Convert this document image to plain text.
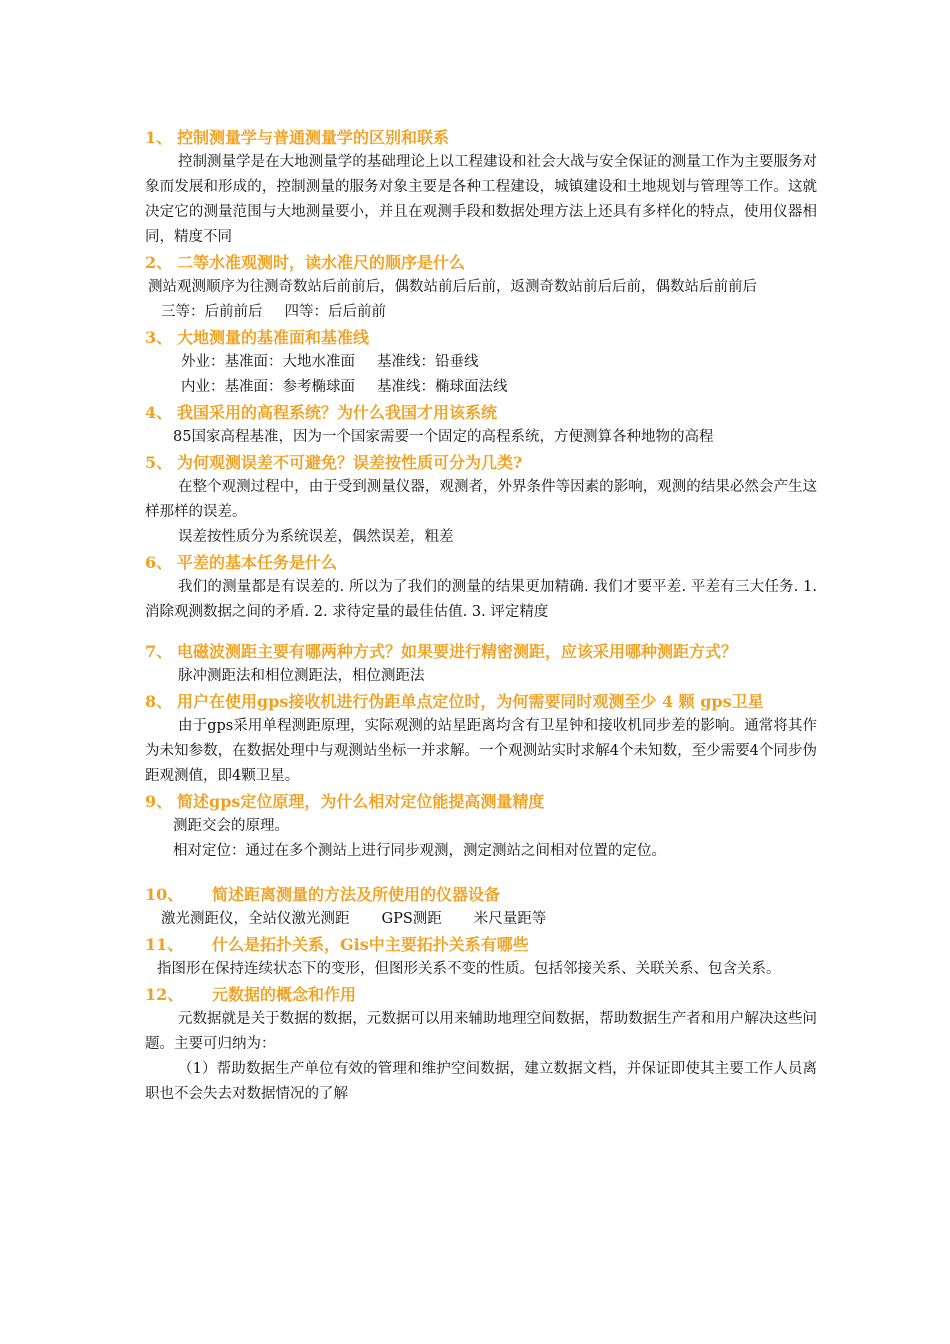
1、 控制测量学与普通测量学的区别和联系

控制测量学是在大地测量学的基础理论上以工程建设和社会大战与安全保证的测量工作为主要服务对象而发展和形成的，控制测量的服务对象主要是各种工程建设，城镇建设和土地规划与管理等工作。这就决定它的测量范围与大地测量要小，并且在观测手段和数据处理方法上还具有多样化的特点，使用仪器相同，精度不同

2、 二等水准观测时，读水准尺的顺序是什么

测站观测顺序为往测奇数站后前前后，偶数站前后后前，返测奇数站前后后前，偶数站后前前后

三等：后前前后 四等：后后前前

3、 大地测量的基准面和基准线

外业：基准面：大地水准面 基准线：铅垂线

内业：基准面：参考椭球面 基准线：椭球面法线

4、 我国采用的高程系统？为什么我国才用该系统

85国家高程基准，因为一个国家需要一个固定的高程系统，方便测算各种地物的高程

5、 为何观测误差不可避免？误差按性质可分为几类?

在整个观测过程中，由于受到测量仪器，观测者，外界条件等因素的影响，观测的结果必然会产生这样那样的误差。

误差按性质分为系统误差，偶然误差，粗差

6、 平差的基本任务是什么

我们的测量都是有误差的. 所以为了我们的测量的结果更加精确. 我们才要平差. 平差有三大任务. 1. 消除观测数据之间的矛盾. 2. 求待定量的最佳估值. 3. 评定精度

7、 电磁波测距主要有哪两种方式？如果要进行精密测距，应该采用哪种测距方式？

脉冲测距法和相位测距法，相位测距法

8、 用户在使用gps接收机进行伪距单点定位时，为何需要同时观测至少 4 颗 gps卫星

由于gps采用单程测距原理，实际观测的站星距离均含有卫星钟和接收机同步差的影响。通常将其作为未知参数，在数据处理中与观测站坐标一并求解。一个观测站实时求解4个未知数，至少需要4个同步伪距观测值，即4颗卫星。

9、 简述gps定位原理，为什么相对定位能提高测量精度

测距交会的原理。

相对定位：通过在多个测站上进行同步观测，测定测站之间相对位置的定位。

10、	简述距离测量的方法及所使用的仪器设备

激光测距仪，全站仪激光测距 GPS测距 米尺量距等

11、	什么是拓扑关系，Gis中主要拓扑关系有哪些

指图形在保持连续状态下的变形，但图形关系不变的性质。包括邻接关系、关联关系、包含关系。

12、	元数据的概念和作用

元数据就是关于数据的数据，元数据可以用来辅助地理空间数据，帮助数据生产者和用户解决这些问题。主要可归纳为：

（1）帮助数据生产单位有效的管理和维护空间数据，建立数据文档，并保证即使其主要工作人员离职也不会失去对数据情况的了解
